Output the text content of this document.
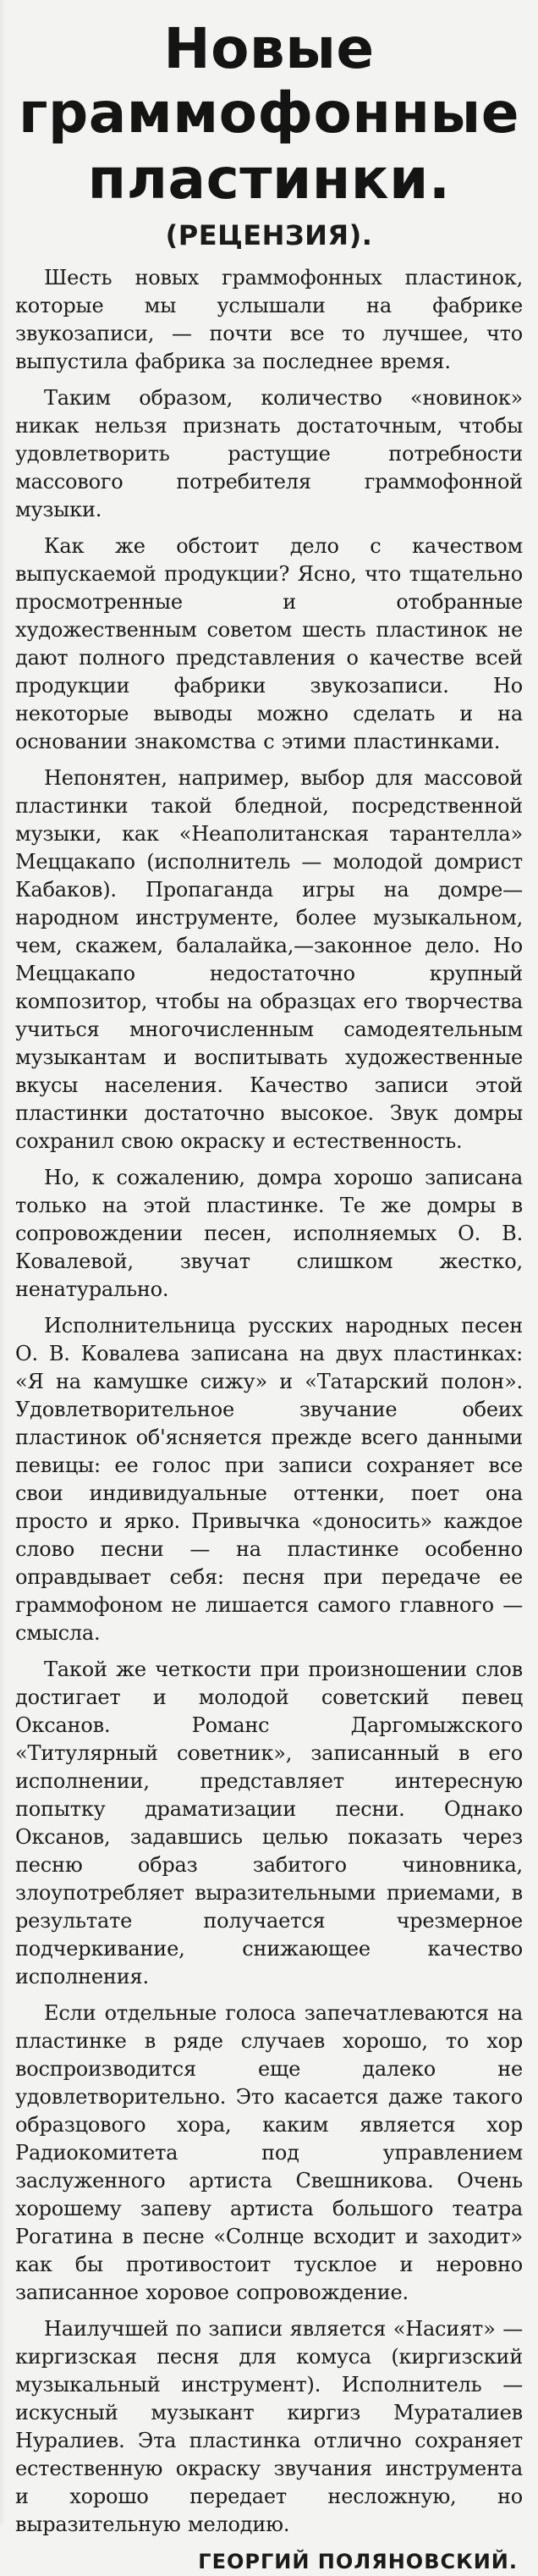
Новые граммофонные
пластинки.
(РЕЦЕНЗИЯ).

Шесть новых граммофонных пластинок, которые мы услышали на фабрике звукозаписи, — почти все то лучшее, что выпустила фабрика за последнее время.

Таким образом, количество «новинок» никак нельзя признать достаточным, чтобы удовлетворить растущие потребности массового потребителя граммофонной музыки.

Как же обстоит дело с качеством выпускаемой продукции? Ясно, что тщательно просмотренные и отобранные художественным советом шесть пластинок не дают полного представления о качестве всей продукции фабрики звукозаписи. Но некоторые выводы можно сделать и на основании знакомства с этими пластинками.

Непонятен, например, выбор для массовой пластинки такой бледной, посредственной музыки, как «Неаполитанская тарантелла» Меццакапо (исполнитель — молодой домрист Кабаков). Пропаганда игры на домре—народном инструменте, более музыкальном, чем, скажем, балалайка,—законное дело. Но Меццакапо недостаточно крупный композитор, чтобы на образцах его творчества учиться многочисленным самодеятельным музыкантам и воспитывать художественные вкусы населения. Качество записи этой пластинки достаточно высокое. Звук домры сохранил свою окраску и естественность.

Но, к сожалению, домра хорошо записана только на этой пластинке. Те же домры в сопровождении песен, исполняемых О. В. Ковалевой, звучат слишком жестко, ненатурально.

Исполнительница русских народных песен О. В. Ковалева записана на двух пластинках: «Я на камушке сижу» и «Татарский полон». Удовлетворительное звучание обеих пластинок об'ясняется прежде всего данными певицы: ее голос при записи сохраняет все свои индивидуальные оттенки, поет она просто и ярко. Привычка «доносить» каждое слово песни — на пластинке особенно оправдывает себя: песня при передаче ее граммофоном не лишается самого главного — смысла.

Такой же четкости при произношении слов достигает и молодой советский певец Оксанов. Романс Даргомыжского «Титулярный советник», записанный в его исполнении, представляет интересную попытку драматизации песни. Однако Оксанов, задавшись целью показать через песню образ забитого чиновника, злоупотребляет выразительными приемами, в результате получается чрезмерное подчеркивание, снижающее качество исполнения.

Если отдельные голоса запечатлеваются на пластинке в ряде случаев хорошо, то хор воспроизводится еще далеко не удовлетворительно. Это касается даже такого образцового хора, каким является хор Радиокомитета под управлением заслуженного артиста Свешникова. Очень хорошему запеву артиста большого театра Рогатина в песне «Солнце всходит и заходит» как бы противостоит тусклое и неровно записанное хоровое сопровождение.

Наилучшей по записи является «Насият» — киргизская песня для комуса (киргизский музыкальный инструмент). Исполнитель — искусный музыкант киргиз Мураталиев Нуралиев. Эта пластинка отлично сохраняет естественную окраску звучания инструмента и хорошо передает несложную, но выразительную мелодию.

ГЕОРГИЙ ПОЛЯНОВСКИЙ.
